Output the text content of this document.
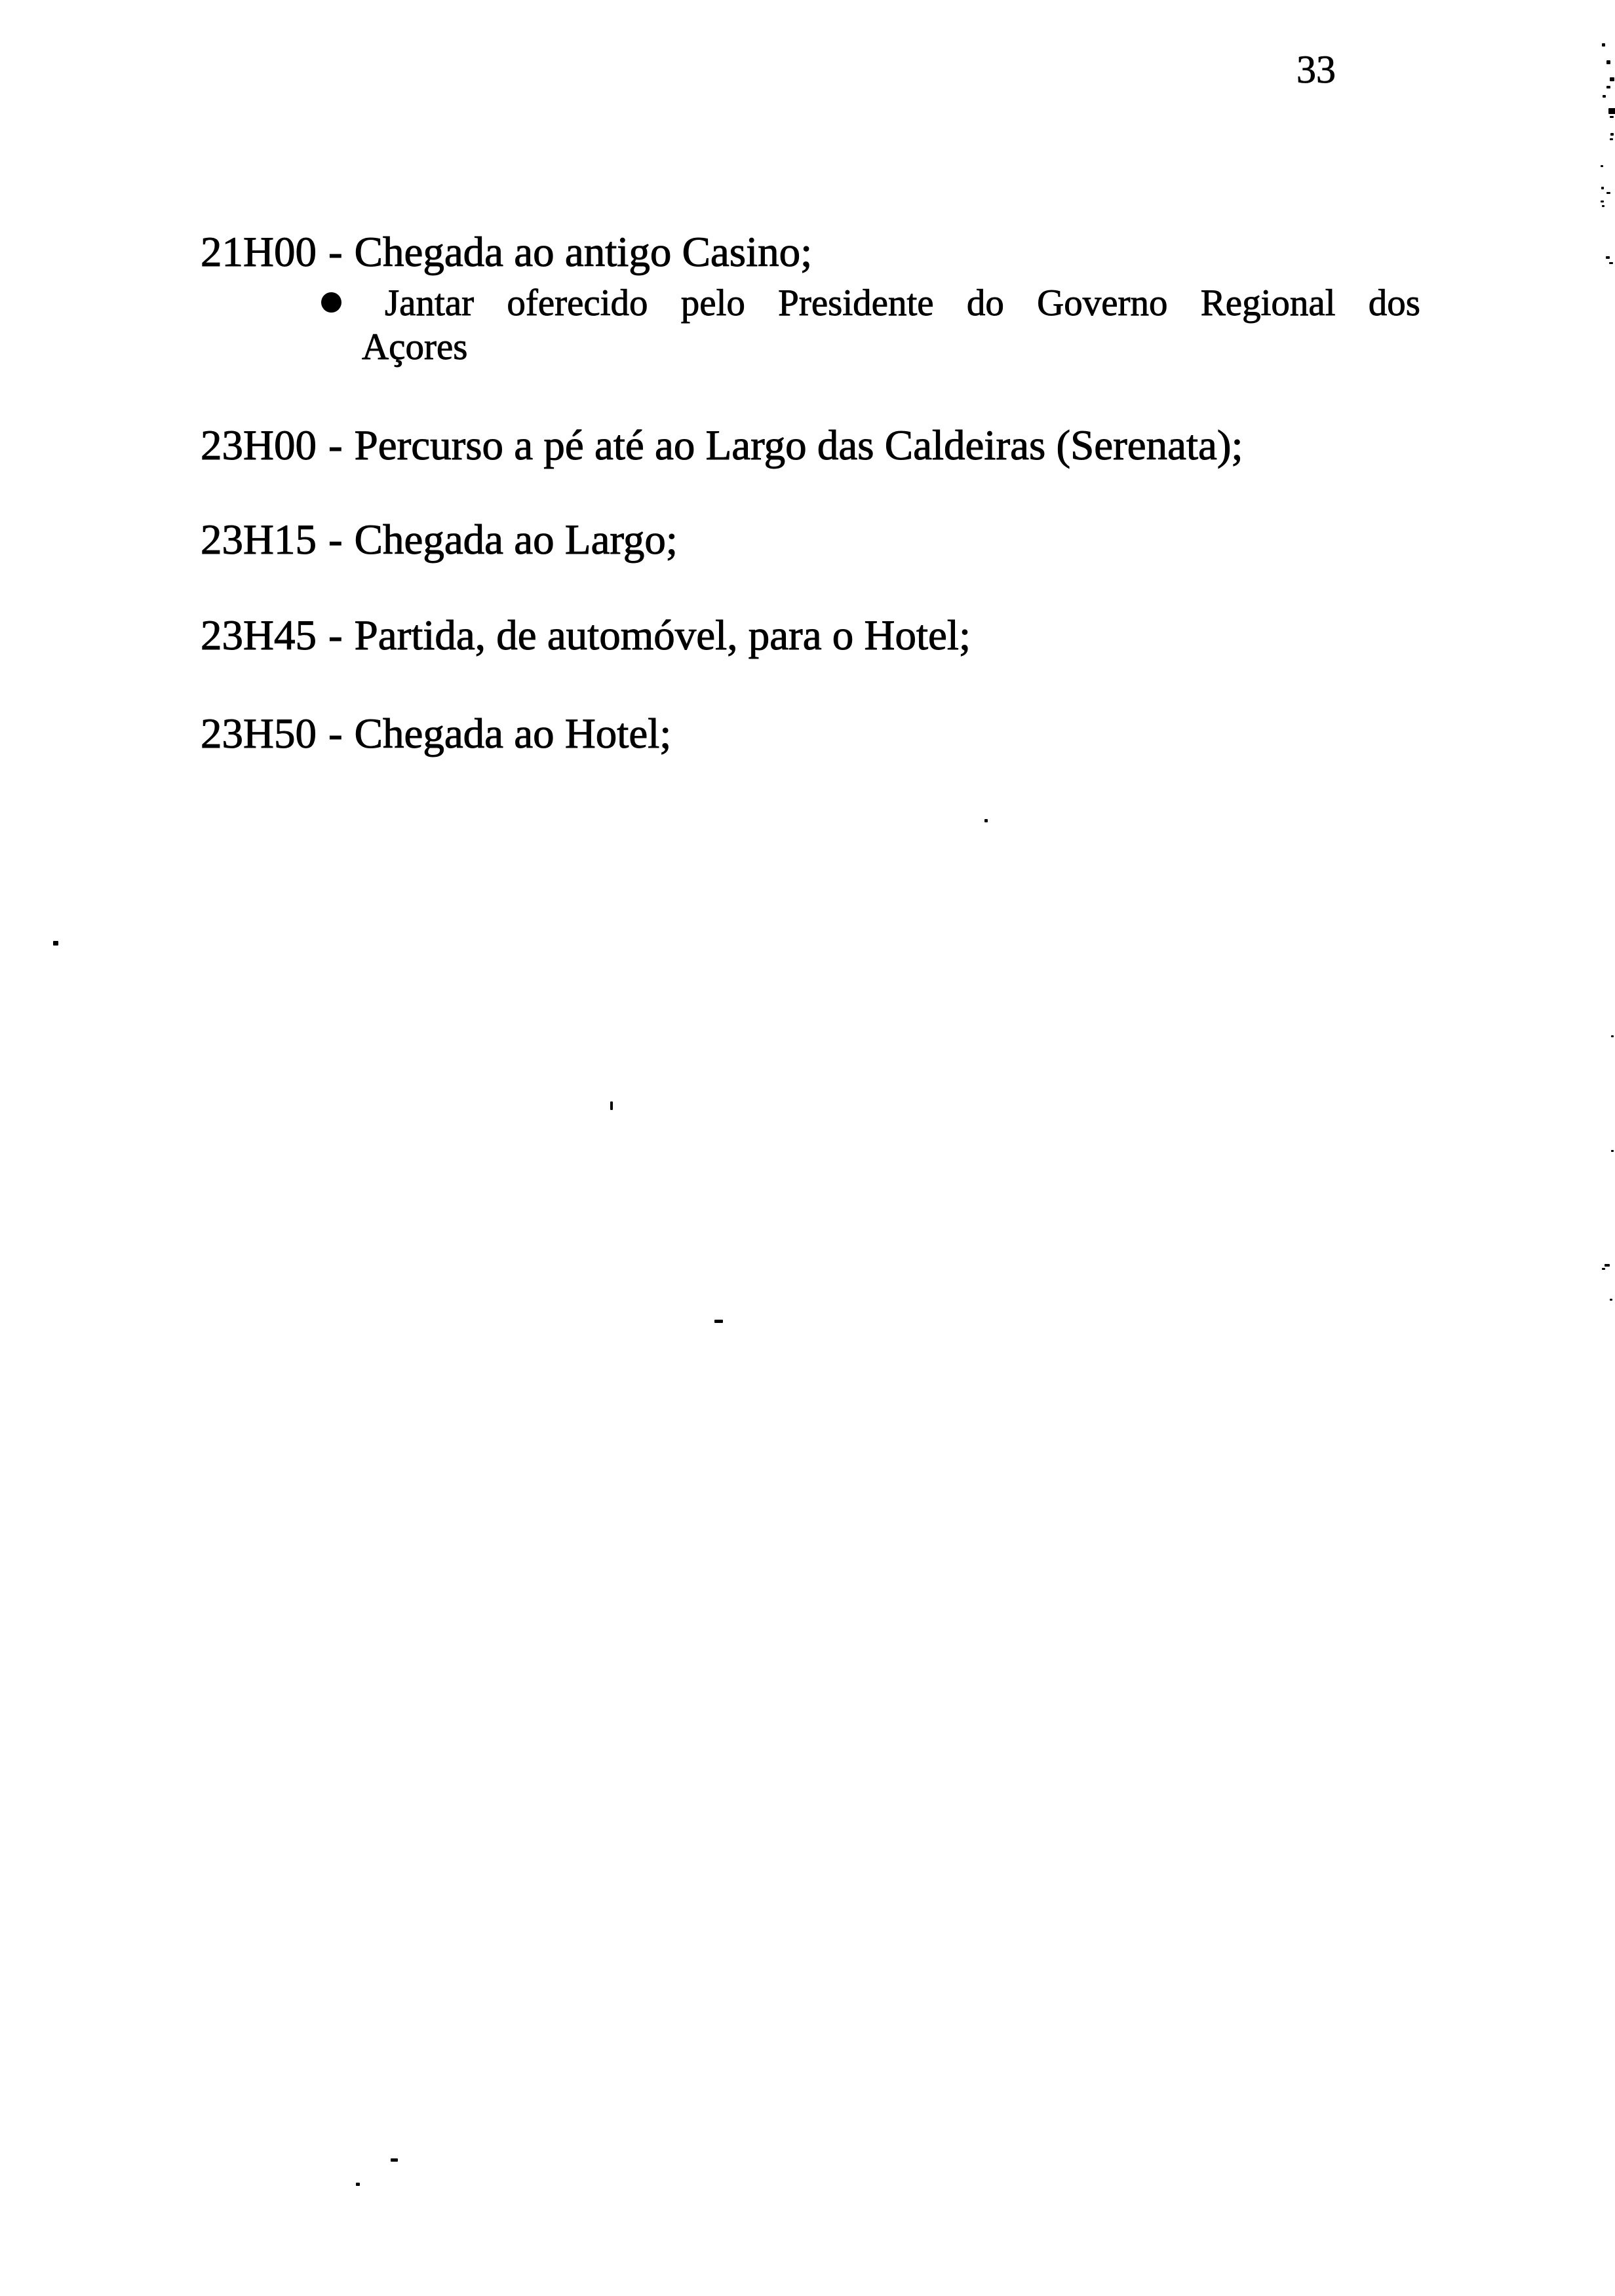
33
21H00 - Chegada ao antigo Casino;
Jantar oferecido pelo Presidente do Governo Regional dos
Açores
23H00 - Percurso a pé até ao Largo das Caldeiras (Serenata);
23H15 - Chegada ao Largo;
23H45 - Partida, de automóvel, para o Hotel;
23H50 - Chegada ao Hotel;
